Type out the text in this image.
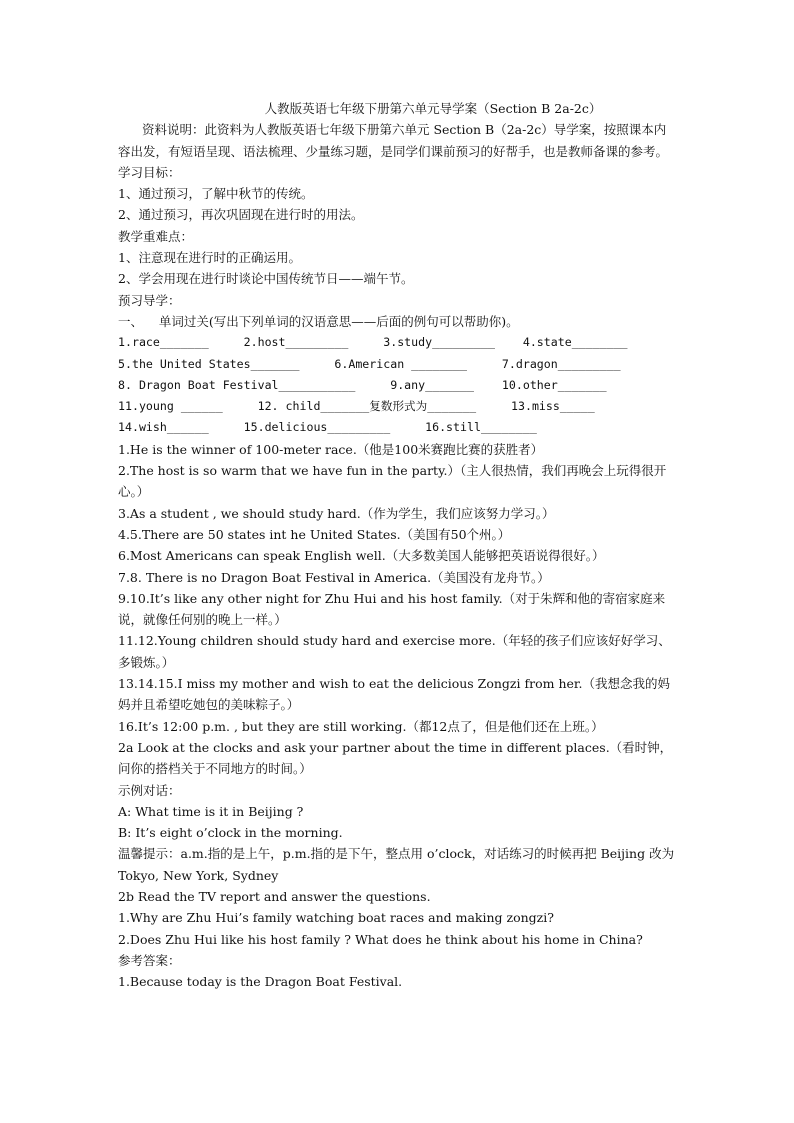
人教版英语七年级下册第六单元导学案（Section B 2a-2c）
资料说明：此资料为人教版英语七年级下册第六单元 Section B（2a-2c）导学案，按照课本内容出发，有短语呈现、语法梳理、少量练习题，是同学们课前预习的好帮手，也是教师备课的参考。
学习目标：
1、通过预习，了解中秋节的传统。
2、通过预习，再次巩固现在进行时的用法。
教学重难点：
1、注意现在进行时的正确运用。
2、学会用现在进行时谈论中国传统节日——端午节。
预习导学：
一、    单词过关(写出下列单词的汉语意思——后面的例句可以帮助你)。
1.race_______     2.host_________     3.study_________    4.state________
5.the United States_______     6.American ________     7.dragon_________
8. Dragon Boat Festival___________     9.any_______    10.other_______
11.young ______     12. child_______复数形式为_______     13.miss_____
14.wish______     15.delicious_________     16.still________
1.He is the winner of 100-meter race.（他是100米赛跑比赛的获胜者）
2.The host is so warm that we have fun in the party.）（主人很热情，我们再晚会上玩得很开心。）
3.As a student , we should study hard.（作为学生，我们应该努力学习。）
4.5.There are 50 states int he United States.（美国有50个州。）
6.Most Americans can speak English well.（大多数美国人能够把英语说得很好。）
7.8. There is no Dragon Boat Festival in America.（美国没有龙舟节。）
9.10.It’s like any other night for Zhu Hui and his host family.（对于朱辉和他的寄宿家庭来说，就像任何别的晚上一样。）
11.12.Young children should study hard and exercise more.（年轻的孩子们应该好好学习、多锻炼。）
13.14.15.I miss my mother and wish to eat the delicious Zongzi from her.（我想念我的妈妈并且希望吃她包的美味粽子。）
16.It’s 12:00 p.m. , but they are still working.（都12点了，但是他们还在上班。）
2a Look at the clocks and ask your partner about the time in different places.（看时钟，问你的搭档关于不同地方的时间。）
示例对话：
A: What time is it in Beijing ?
B: It’s eight o’clock in the morning.
温馨提示：a.m.指的是上午，p.m.指的是下午，整点用 o’clock，对话练习的时候再把 Beijing 改为 Tokyo, New York, Sydney
2b Read the TV report and answer the questions.
1.Why are Zhu Hui’s family watching boat races and making zongzi?
2.Does Zhu Hui like his host family ? What does he think about his home in China?
参考答案：
1.Because today is the Dragon Boat Festival.
